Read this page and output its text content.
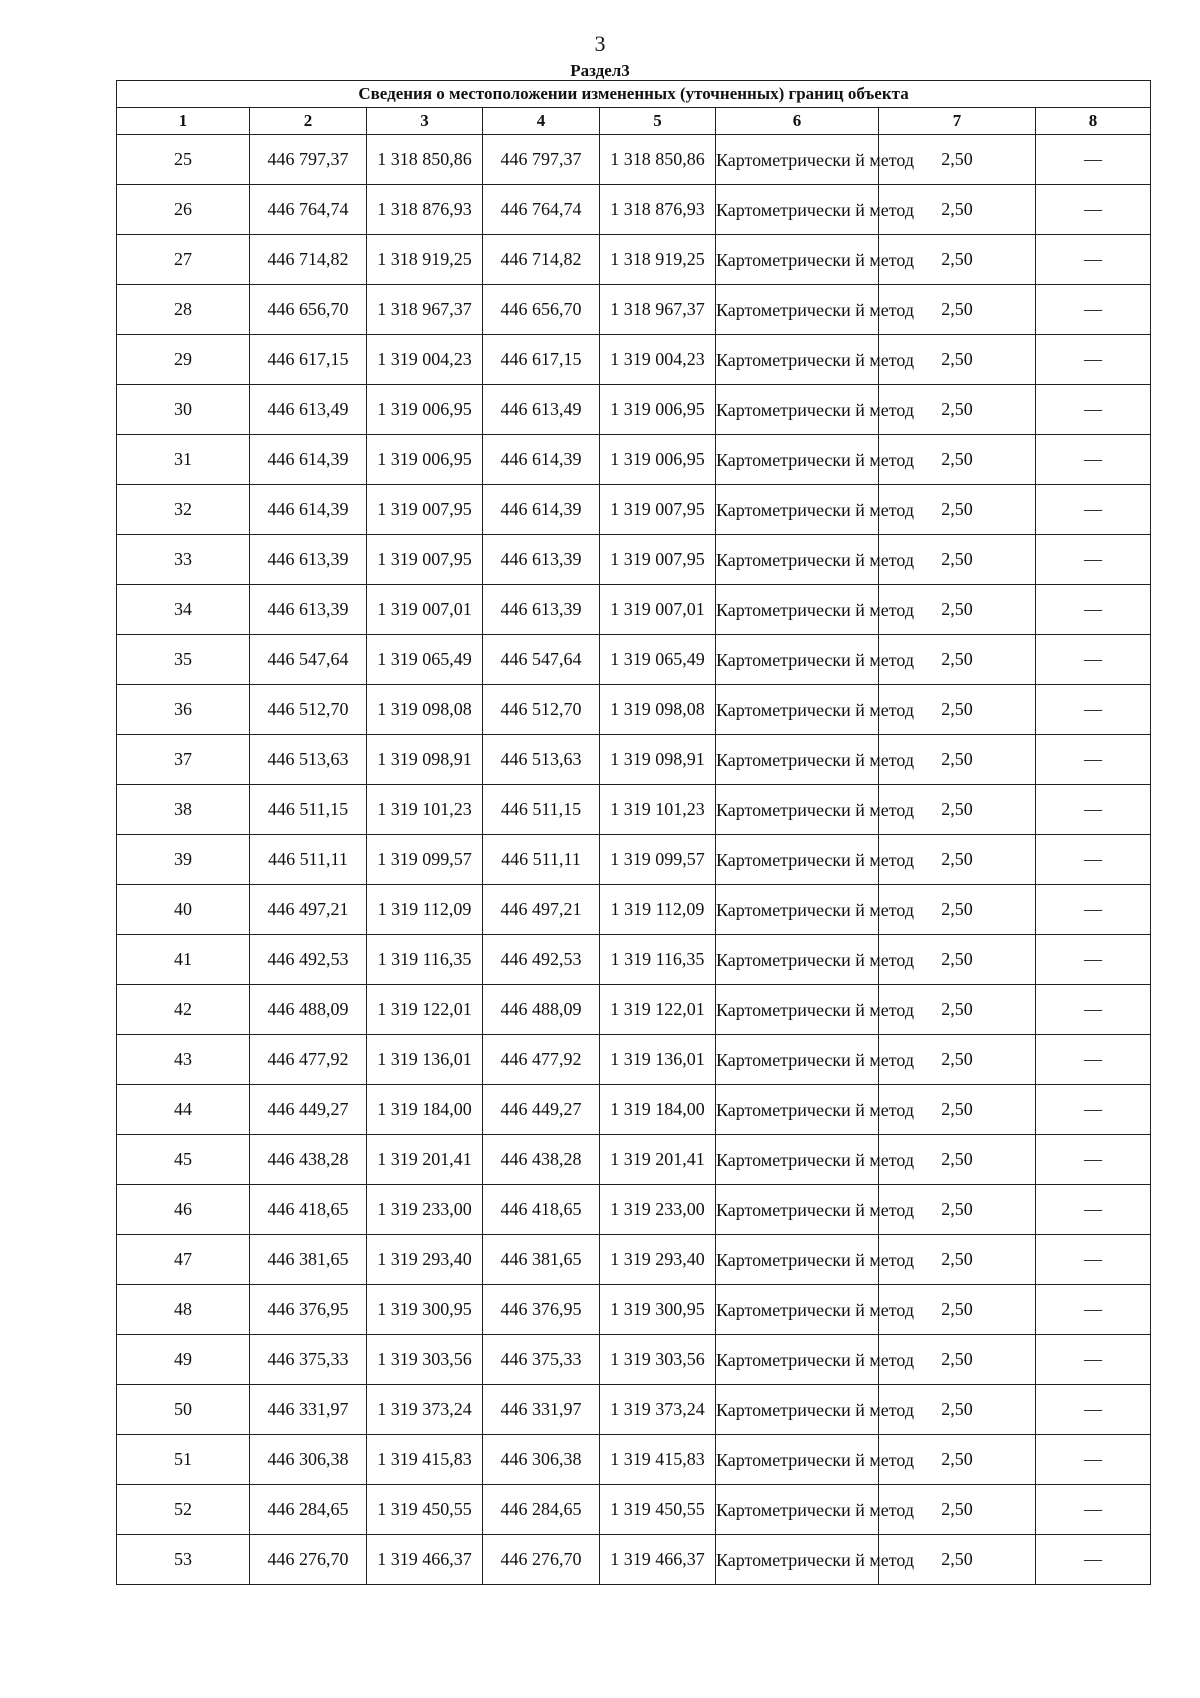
3
Раздел3
Сведения о местоположении измененных (уточненных) границ объекта							
1	2	3	4	5	6	7	8
25	446 797,37	1 318 850,86	446 797,37	1 318 850,86	Картометрически й метод	2,50	—
26	446 764,74	1 318 876,93	446 764,74	1 318 876,93	Картометрически й метод	2,50	—
27	446 714,82	1 318 919,25	446 714,82	1 318 919,25	Картометрически й метод	2,50	—
28	446 656,70	1 318 967,37	446 656,70	1 318 967,37	Картометрически й метод	2,50	—
29	446 617,15	1 319 004,23	446 617,15	1 319 004,23	Картометрически й метод	2,50	—
30	446 613,49	1 319 006,95	446 613,49	1 319 006,95	Картометрически й метод	2,50	—
31	446 614,39	1 319 006,95	446 614,39	1 319 006,95	Картометрически й метод	2,50	—
32	446 614,39	1 319 007,95	446 614,39	1 319 007,95	Картометрически й метод	2,50	—
33	446 613,39	1 319 007,95	446 613,39	1 319 007,95	Картометрически й метод	2,50	—
34	446 613,39	1 319 007,01	446 613,39	1 319 007,01	Картометрически й метод	2,50	—
35	446 547,64	1 319 065,49	446 547,64	1 319 065,49	Картометрически й метод	2,50	—
36	446 512,70	1 319 098,08	446 512,70	1 319 098,08	Картометрически й метод	2,50	—
37	446 513,63	1 319 098,91	446 513,63	1 319 098,91	Картометрически й метод	2,50	—
38	446 511,15	1 319 101,23	446 511,15	1 319 101,23	Картометрически й метод	2,50	—
39	446 511,11	1 319 099,57	446 511,11	1 319 099,57	Картометрически й метод	2,50	—
40	446 497,21	1 319 112,09	446 497,21	1 319 112,09	Картометрически й метод	2,50	—
41	446 492,53	1 319 116,35	446 492,53	1 319 116,35	Картометрически й метод	2,50	—
42	446 488,09	1 319 122,01	446 488,09	1 319 122,01	Картометрически й метод	2,50	—
43	446 477,92	1 319 136,01	446 477,92	1 319 136,01	Картометрически й метод	2,50	—
44	446 449,27	1 319 184,00	446 449,27	1 319 184,00	Картометрически й метод	2,50	—
45	446 438,28	1 319 201,41	446 438,28	1 319 201,41	Картометрически й метод	2,50	—
46	446 418,65	1 319 233,00	446 418,65	1 319 233,00	Картометрически й метод	2,50	—
47	446 381,65	1 319 293,40	446 381,65	1 319 293,40	Картометрически й метод	2,50	—
48	446 376,95	1 319 300,95	446 376,95	1 319 300,95	Картометрически й метод	2,50	—
49	446 375,33	1 319 303,56	446 375,33	1 319 303,56	Картометрически й метод	2,50	—
50	446 331,97	1 319 373,24	446 331,97	1 319 373,24	Картометрически й метод	2,50	—
51	446 306,38	1 319 415,83	446 306,38	1 319 415,83	Картометрически й метод	2,50	—
52	446 284,65	1 319 450,55	446 284,65	1 319 450,55	Картометрически й метод	2,50	—
53	446 276,70	1 319 466,37	446 276,70	1 319 466,37	Картометрически й метод	2,50	—
